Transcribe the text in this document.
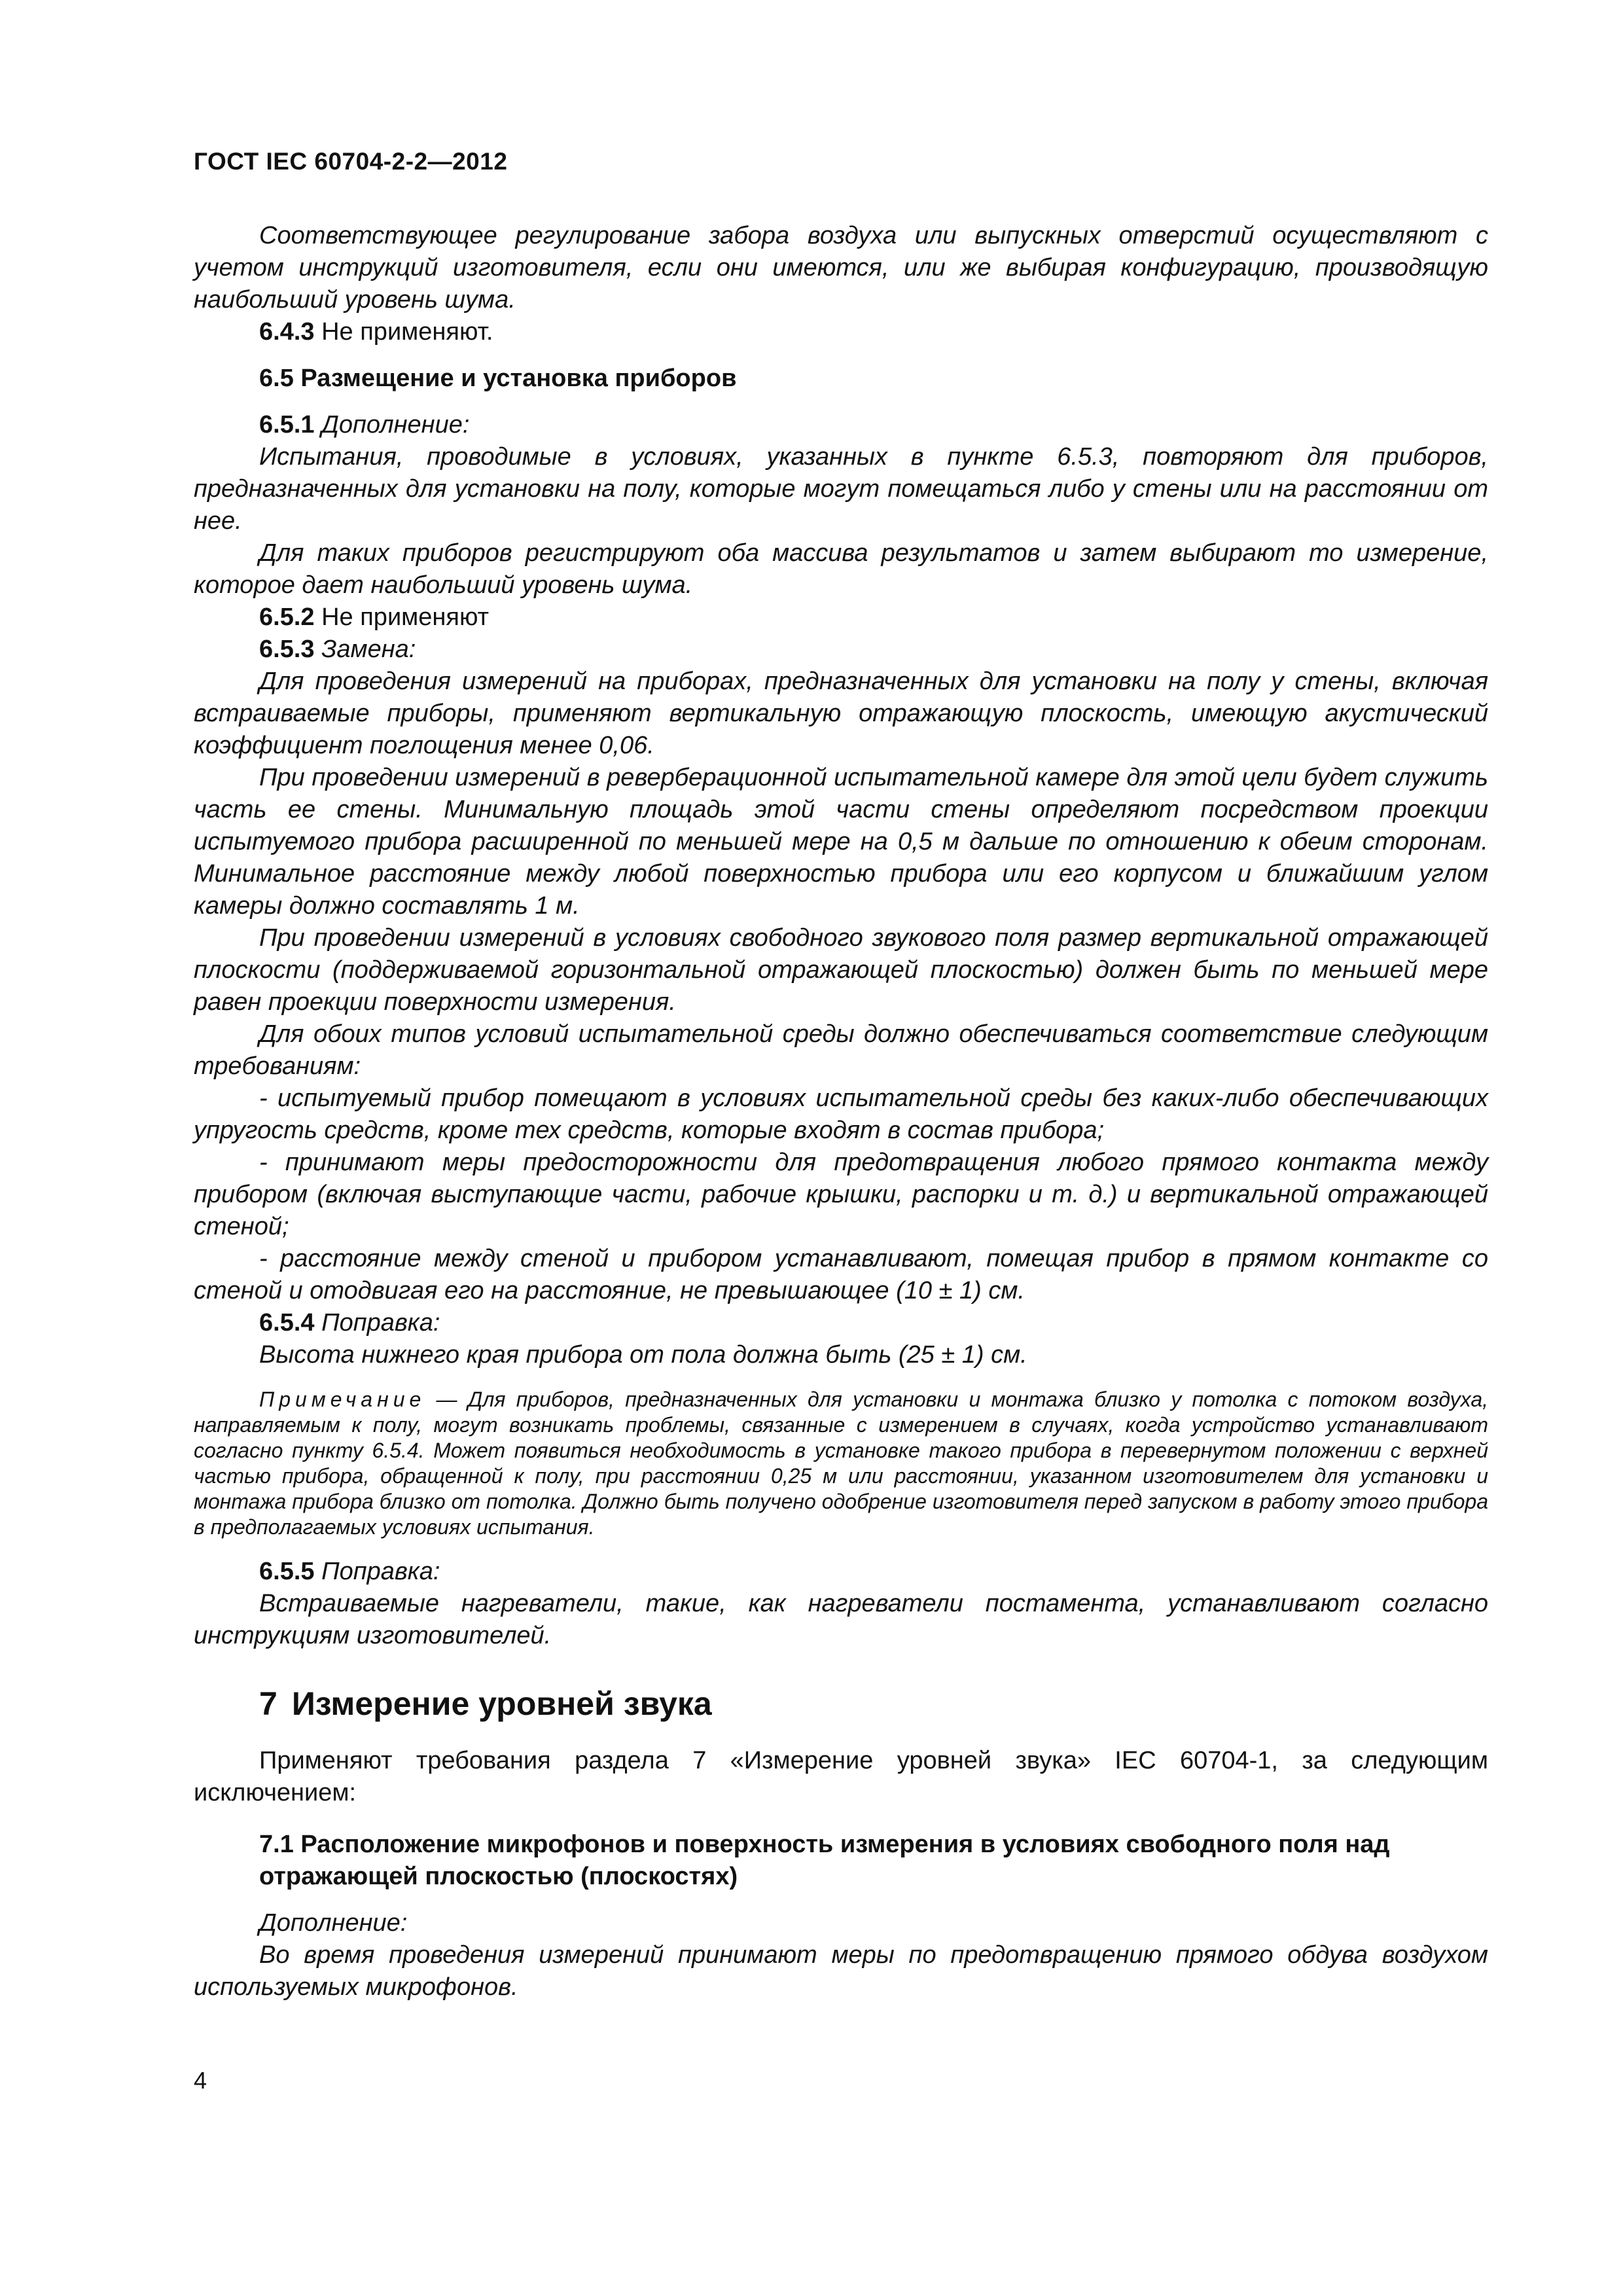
ГОСТ IEC 60704-2-2—2012

Соответствующее регулирование забора воздуха или выпускных отверстий осуществляют с учетом инструкций изготовителя, если они имеются, или же выбирая конфигурацию, производящую наибольший уровень шума.

6.4.3 Не применяют.

6.5 Размещение и установка приборов

6.5.1 Дополнение:

Испытания, проводимые в условиях, указанных в пункте 6.5.3, повторяют для приборов, предназначенных для установки на полу, которые могут помещаться либо у стены или на расстоянии от нее.

Для таких приборов регистрируют оба массива результатов и затем выбирают то измерение, которое дает наибольший уровень шума.

6.5.2 Не применяют

6.5.3 Замена:

Для проведения измерений на приборах, предназначенных для установки на полу у стены, включая встраиваемые приборы, применяют вертикальную отражающую плоскость, имеющую акустический коэффициент поглощения менее 0,06.

При проведении измерений в реверберационной испытательной камере для этой цели будет служить часть ее стены. Минимальную площадь этой части стены определяют посредством проекции испытуемого прибора расширенной по меньшей мере на 0,5 м дальше по отношению к обеим сторонам. Минимальное расстояние между любой поверхностью прибора или его корпусом и ближайшим углом камеры должно составлять 1 м.

При проведении измерений в условиях свободного звукового поля размер вертикальной отражающей плоскости (поддерживаемой горизонтальной отражающей плоскостью) должен быть по меньшей мере равен проекции поверхности измерения.

Для обоих типов условий испытательной среды должно обеспечиваться соответствие следующим требованиям:

- испытуемый прибор помещают в условиях испытательной среды без каких-либо обеспечивающих упругость средств, кроме тех средств, которые входят в состав прибора;

- принимают меры предосторожности для предотвращения любого прямого контакта между прибором (включая выступающие части, рабочие крышки, распорки и т. д.) и вертикальной отражающей стеной;

- расстояние между стеной и прибором устанавливают, помещая прибор в прямом контакте со стеной и отодвигая его на расстояние, не превышающее (10 ± 1) см.

6.5.4 Поправка:

Высота нижнего края прибора от пола должна быть (25 ± 1) см.

Примечание — Для приборов, предназначенных для установки и монтажа близко у потолка с потоком воздуха, направляемым к полу, могут возникать проблемы, связанные с измерением в случаях, когда устройство устанавливают согласно пункту 6.5.4. Может появиться необходимость в установке такого прибора в перевернутом положении с верхней частью прибора, обращенной к полу, при расстоянии 0,25 м или расстоянии, указанном изготовителем для установки и монтажа прибора близко от потолка. Должно быть получено одобрение изготовителя перед запуском в работу этого прибора в предполагаемых условиях испытания.

6.5.5 Поправка:

Встраиваемые нагреватели, такие, как нагреватели постамента, устанавливают согласно инструкциям изготовителей.

7 Измерение уровней звука

Применяют требования раздела 7 «Измерение уровней звука» IEC 60704-1, за следующим исключением:

7.1 Расположение микрофонов и поверхность измерения в условиях свободного поля над отражающей плоскостью (плоскостях)

Дополнение:

Во время проведения измерений принимают меры по предотвращению прямого обдува воздухом используемых микрофонов.

4
